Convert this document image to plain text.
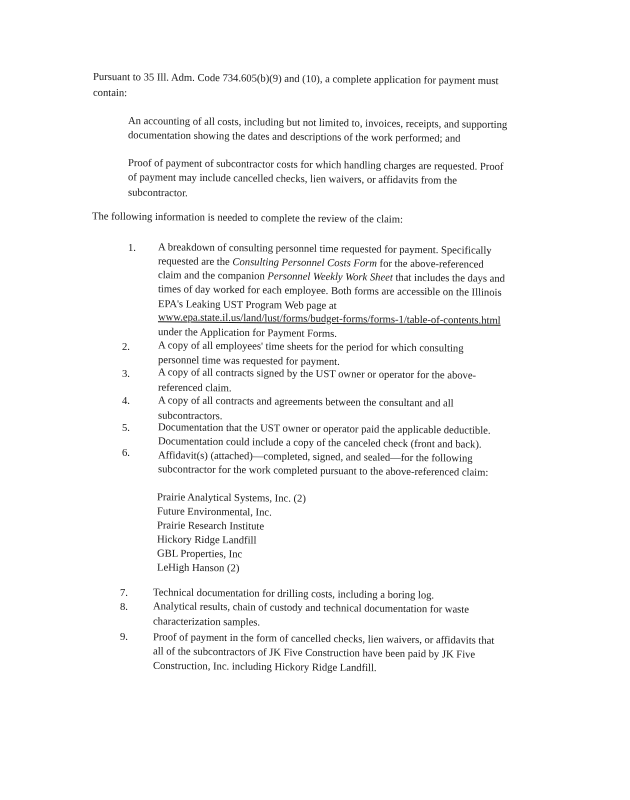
Pursuant to 35 Ill. Adm. Code 734.605(b)(9) and (10), a complete application for payment must
contain:
An accounting of all costs, including but not limited to, invoices, receipts, and supporting
documentation showing the dates and descriptions of the work performed; and
Proof of payment of subcontractor costs for which handling charges are requested. Proof
of payment may include cancelled checks, lien waivers, or affidavits from the
subcontractor.
The following information is needed to complete the review of the claim:
1. A breakdown of consulting personnel time requested for payment. Specifically
requested are the Consulting Personnel Costs Form for the above-referenced
claim and the companion Personnel Weekly Work Sheet that includes the days and
times of day worked for each employee. Both forms are accessible on the Illinois
EPA's Leaking UST Program Web page at
www.epa.state.il.us/land/lust/forms/budget-forms/forms-1/table-of-contents.html
under the Application for Payment Forms.
2.	A copy of all employees' time sheets for the period for which consulting
personnel time was requested for payment.
3.	A copy of all contracts signed by the UST owner or operator for the above-
referenced claim.
4.	A copy of all contracts and agreements between the consultant and all
subcontractors.
5.	Documentation that the UST owner or operator paid the applicable deductible.
Documentation could include a copy of the canceled check (front and back).
6.	Affidavit(s) (attached)—completed, signed, and sealed—for the following
subcontractor for the work completed pursuant to the above-referenced claim:
Prairie Analytical Systems, Inc. (2)
Future Environmental, Inc.
Prairie Research Institute
Hickory Ridge Landfill
GBL Properties, Inc
LeHigh Hanson (2)
7. Technical documentation for drilling costs, including a boring log.
8. Analytical results, chain of custody and technical documentation for waste
characterization samples.
9. Proof of payment in the form of cancelled checks, lien waivers, or affidavits that
all of the subcontractors of JK Five Construction have been paid by JK Five
Construction, Inc. including Hickory Ridge Landfill.
